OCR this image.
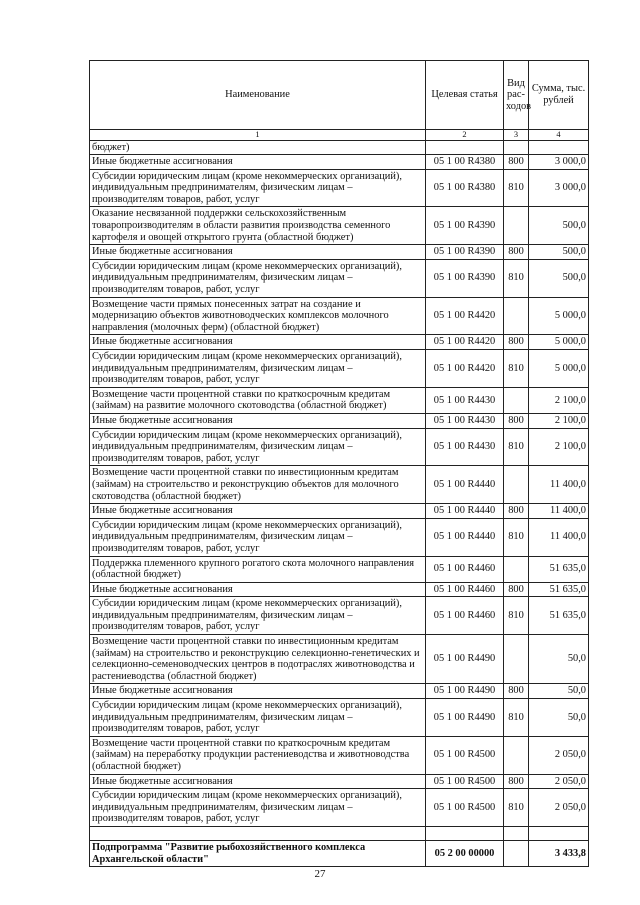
Наименование	Целевая статья	Вид рас-ходов	Сумма, тыс. рублей
1	2	3	4
бюджет)			
Иные бюджетные ассигнования	05 1 00 R4380	800	3 000,0
Субсидии юридическим лицам (кроме некоммерческих организаций), индивидуальным предпринимателям, физическим лицам – производителям товаров, работ, услуг	05 1 00 R4380	810	3 000,0
Оказание несвязанной поддержки сельскохозяйственным товаропроизводителям в области развития производства семенного картофеля и овощей открытого грунта (областной бюджет)	05 1 00 R4390		500,0
Иные бюджетные ассигнования	05 1 00 R4390	800	500,0
Субсидии юридическим лицам (кроме некоммерческих организаций), индивидуальным предпринимателям, физическим лицам – производителям товаров, работ, услуг	05 1 00 R4390	810	500,0
Возмещение части прямых понесенных затрат на создание и модернизацию объектов животноводческих комплексов молочного направления (молочных ферм) (областной бюджет)	05 1 00 R4420		5 000,0
Иные бюджетные ассигнования	05 1 00 R4420	800	5 000,0
Субсидии юридическим лицам (кроме некоммерческих организаций), индивидуальным предпринимателям, физическим лицам – производителям товаров, работ, услуг	05 1 00 R4420	810	5 000,0
Возмещение части процентной ставки по краткосрочным кредитам (займам) на развитие молочного скотоводства (областной бюджет)	05 1 00 R4430		2 100,0
Иные бюджетные ассигнования	05 1 00 R4430	800	2 100,0
Субсидии юридическим лицам (кроме некоммерческих организаций), индивидуальным предпринимателям, физическим лицам – производителям товаров, работ, услуг	05 1 00 R4430	810	2 100,0
Возмещение части процентной ставки по инвестиционным кредитам (займам) на строительство и реконструкцию объектов для молочного скотоводства (областной бюджет)	05 1 00 R4440		11 400,0
Иные бюджетные ассигнования	05 1 00 R4440	800	11 400,0
Субсидии юридическим лицам (кроме некоммерческих организаций), индивидуальным предпринимателям, физическим лицам – производителям товаров, работ, услуг	05 1 00 R4440	810	11 400,0
Поддержка племенного крупного рогатого скота молочного направления (областной бюджет)	05 1 00 R4460		51 635,0
Иные бюджетные ассигнования	05 1 00 R4460	800	51 635,0
Субсидии юридическим лицам (кроме некоммерческих организаций), индивидуальным предпринимателям, физическим лицам – производителям товаров, работ, услуг	05 1 00 R4460	810	51 635,0
Возмещение части процентной ставки по инвестиционным кредитам (займам) на строительство и реконструкцию селекционно-генетических и селекционно-семеноводческих центров в подотраслях животноводства и растениеводства (областной бюджет)	05 1 00 R4490		50,0
Иные бюджетные ассигнования	05 1 00 R4490	800	50,0
Субсидии юридическим лицам (кроме некоммерческих организаций), индивидуальным предпринимателям, физическим лицам – производителям товаров, работ, услуг	05 1 00 R4490	810	50,0
Возмещение части процентной ставки по краткосрочным кредитам (займам) на переработку продукции растениеводства и животноводства (областной бюджет)	05 1 00 R4500		2 050,0
Иные бюджетные ассигнования	05 1 00 R4500	800	2 050,0
Субсидии юридическим лицам (кроме некоммерческих организаций), индивидуальным предпринимателям, физическим лицам – производителям товаров, работ, услуг	05 1 00 R4500	810	2 050,0

Подпрограмма "Развитие рыбохозяйственного комплекса Архангельской области"	05 2 00 00000		3 433,8
27
